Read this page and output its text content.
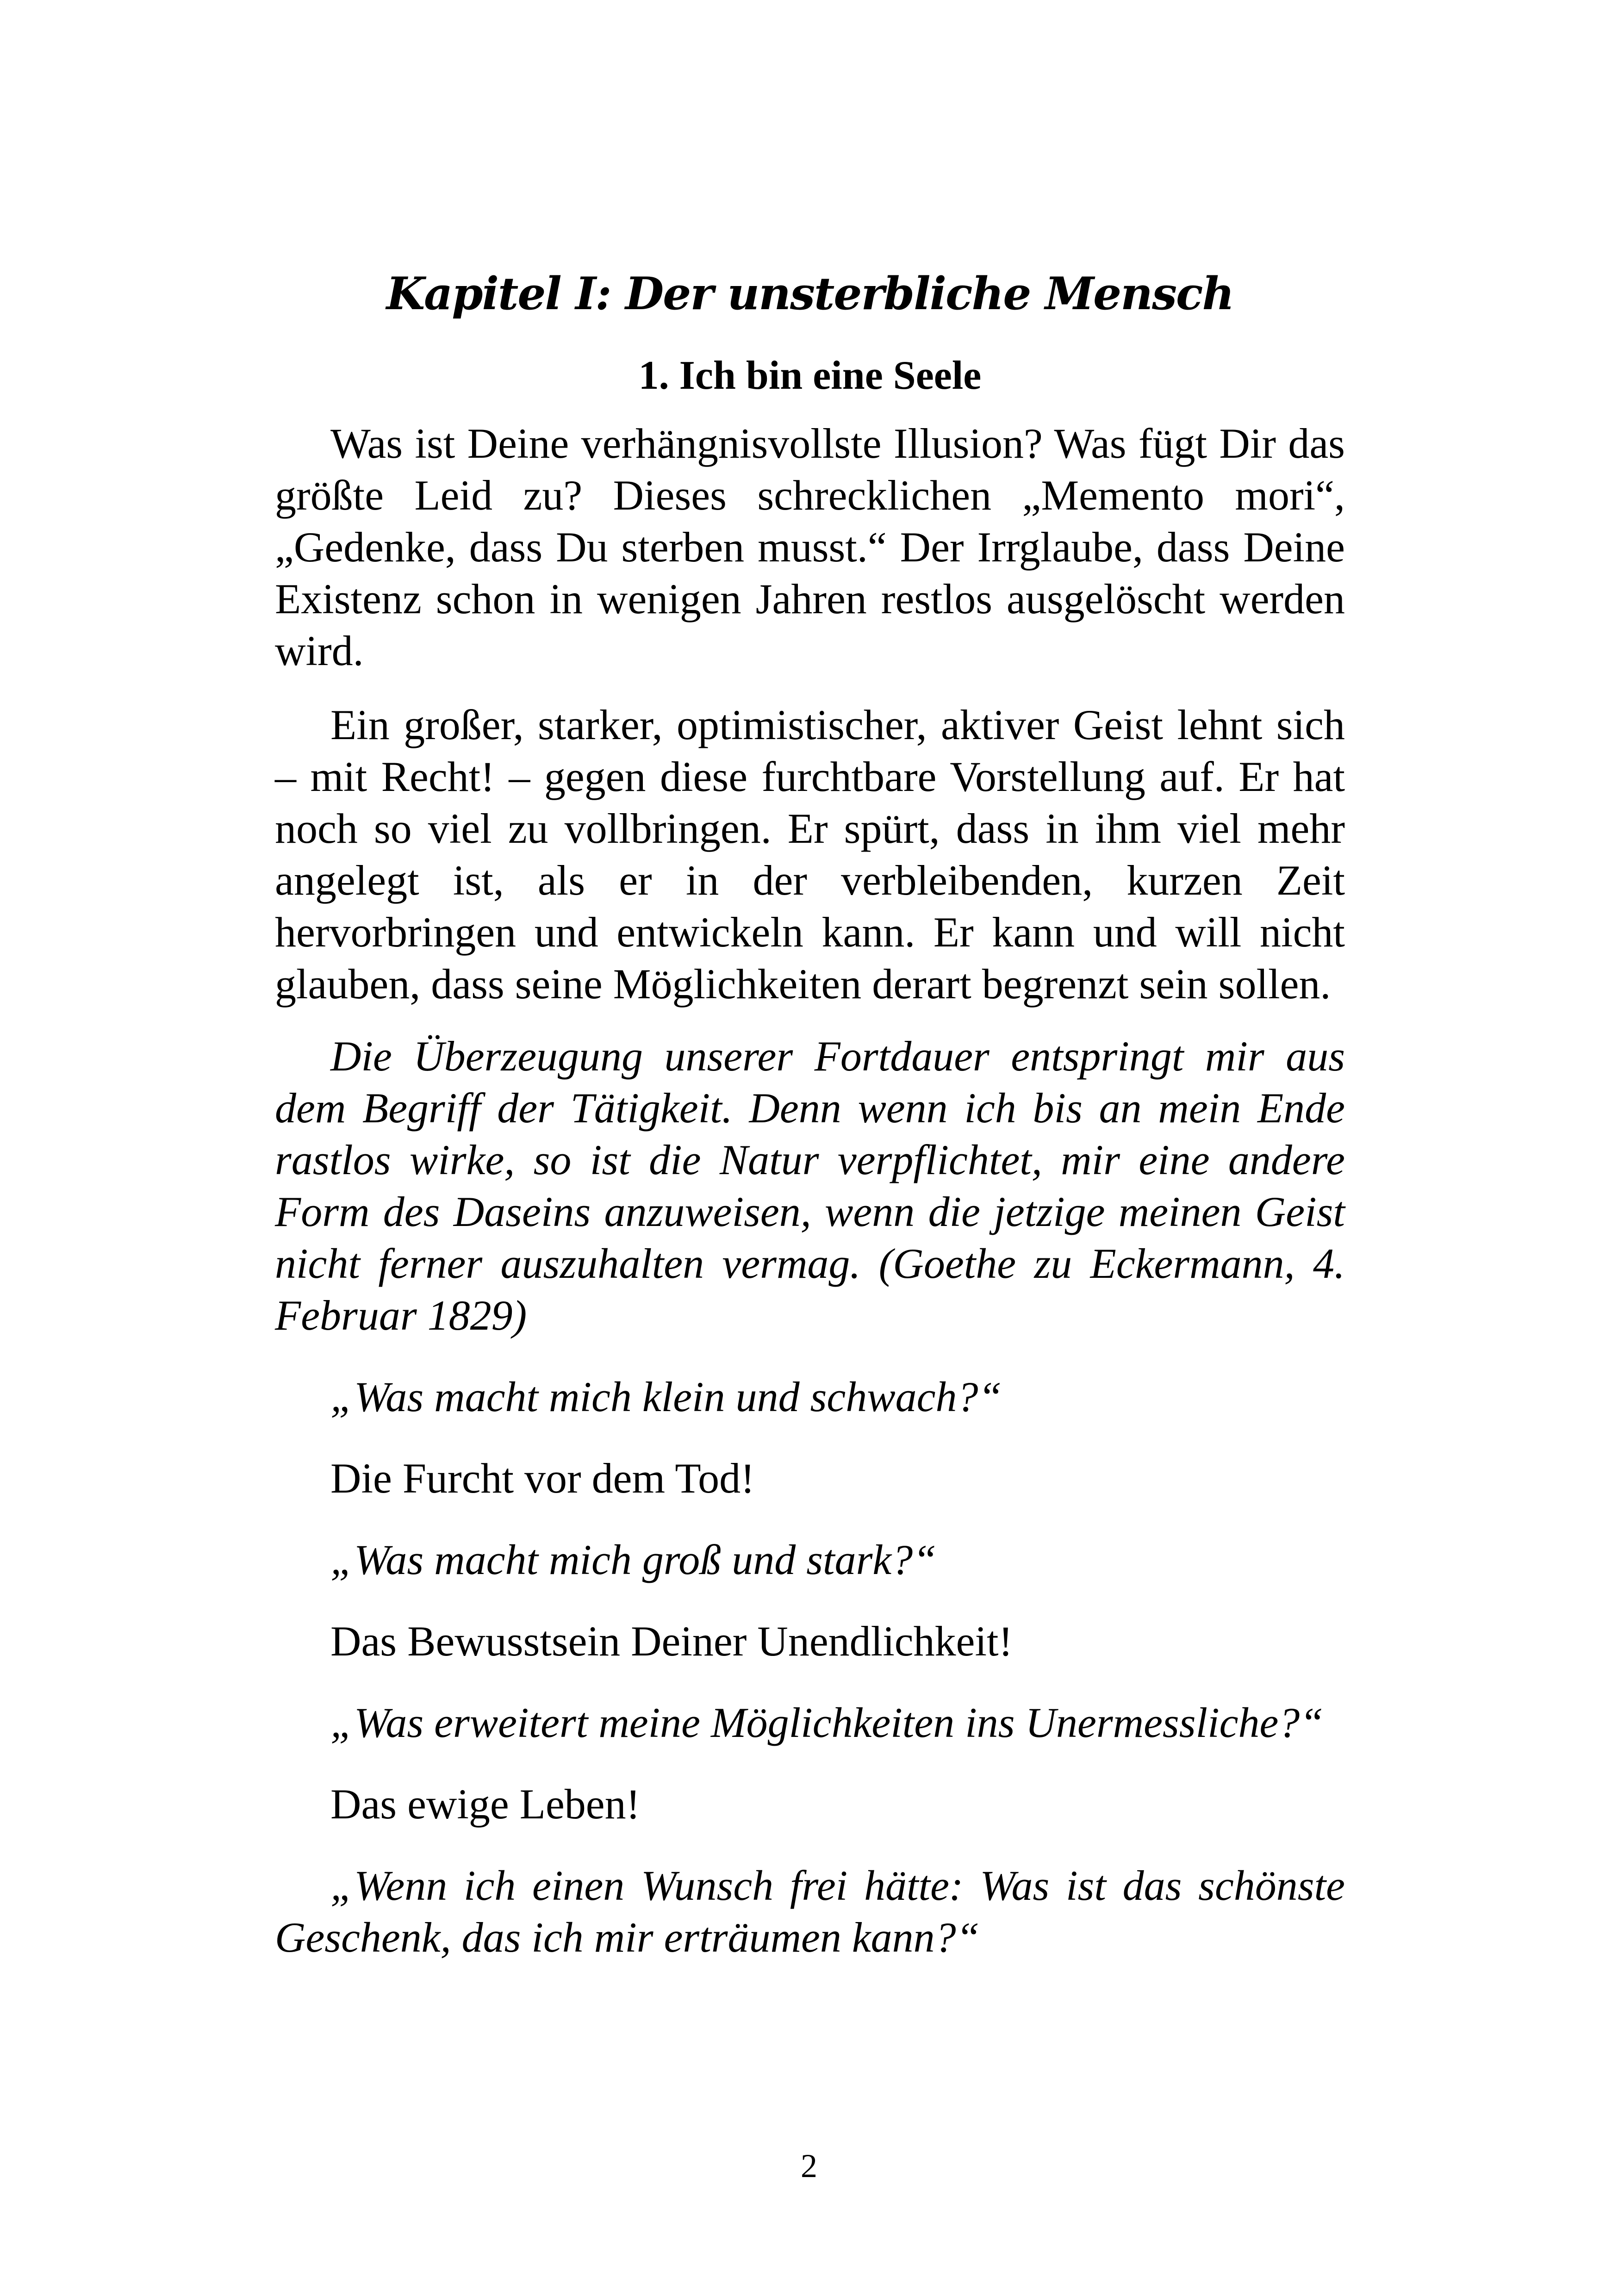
Kapitel I: Der unsterbliche Mensch
1. Ich bin eine Seele

Was ist Deine verhängnisvollste Illusion? Was fügt Dir das größte Leid zu? Dieses schrecklichen „Memento mori“, „Gedenke, dass Du sterben musst.“ Der Irrglaube, dass Deine Existenz schon in wenigen Jahren restlos ausgelöscht werden wird.

Ein großer, starker, optimistischer, aktiver Geist lehnt sich – mit Recht! – gegen diese furchtbare Vorstellung auf. Er hat noch so viel zu vollbringen. Er spürt, dass in ihm viel mehr angelegt ist, als er in der verbleibenden, kurzen Zeit hervorbringen und entwickeln kann. Er kann und will nicht glauben, dass seine Möglichkeiten derart begrenzt sein sollen.

Die Überzeugung unserer Fortdauer entspringt mir aus dem Begriff der Tätigkeit. Denn wenn ich bis an mein Ende rastlos wirke, so ist die Natur verpflichtet, mir eine andere Form des Daseins anzuweisen, wenn die jetzige meinen Geist nicht ferner auszuhalten vermag. (Goethe zu Eckermann, 4. Februar 1829)

„Was macht mich klein und schwach?“

Die Furcht vor dem Tod!

„Was macht mich groß und stark?“

Das Bewusstsein Deiner Unendlichkeit!

„Was erweitert meine Möglichkeiten ins Unermessliche?“

Das ewige Leben!

„Wenn ich einen Wunsch frei hätte: Was ist das schönste Geschenk, das ich mir erträumen kann?“

2
